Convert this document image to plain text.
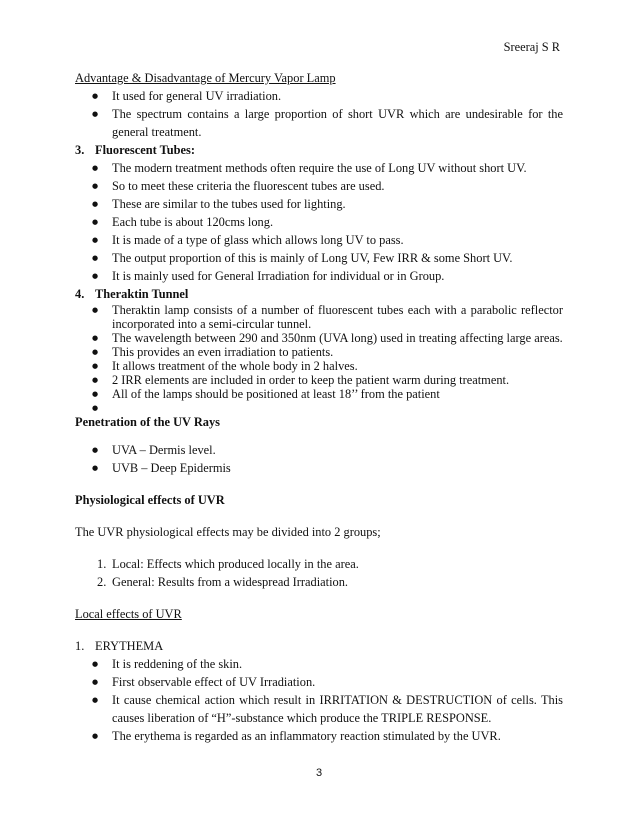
Sreeraj S R
Advantage & Disadvantage of Mercury Vapor Lamp
● It used for general UV irradiation.
● The spectrum contains a large proportion of short UVR which are undesirable for the general treatment.
3. Fluorescent Tubes:
● The modern treatment methods often require the use of Long UV without short UV.
● So to meet these criteria the fluorescent tubes are used.
● These are similar to the tubes used for lighting.
● Each tube is about 120cms long.
● It is made of a type of glass which allows long UV to pass.
● The output proportion of this is mainly of Long UV, Few IRR & some Short UV.
● It is mainly used for General Irradiation for individual or in Group.
4. Theraktin Tunnel
● Theraktin lamp consists of a number of fluorescent tubes each with a parabolic reflector incorporated into a semi-circular tunnel.
● The wavelength between 290 and 350nm (UVA long) used in treating affecting large areas.
● This provides an even irradiation to patients.
● It allows treatment of the whole body in 2 halves.
● 2 IRR elements are included in order to keep the patient warm during treatment.
● All of the lamps should be positioned at least 18’’ from the patient
●
Penetration of the UV Rays
● UVA – Dermis level.
● UVB – Deep Epidermis
Physiological effects of UVR

The UVR physiological effects may be divided into 2 groups;

1. Local: Effects which produced locally in the area.
2. General: Results from a widespread Irradiation.
Local effects of UVR
1. ERYTHEMA
● It is reddening of the skin.
● First observable effect of UV Irradiation.
● It cause chemical action which result in IRRITATION & DESTRUCTION of cells. This causes liberation of “H”-substance which produce the TRIPLE RESPONSE.
● The erythema is regarded as an inflammatory reaction stimulated by the UVR.
3
